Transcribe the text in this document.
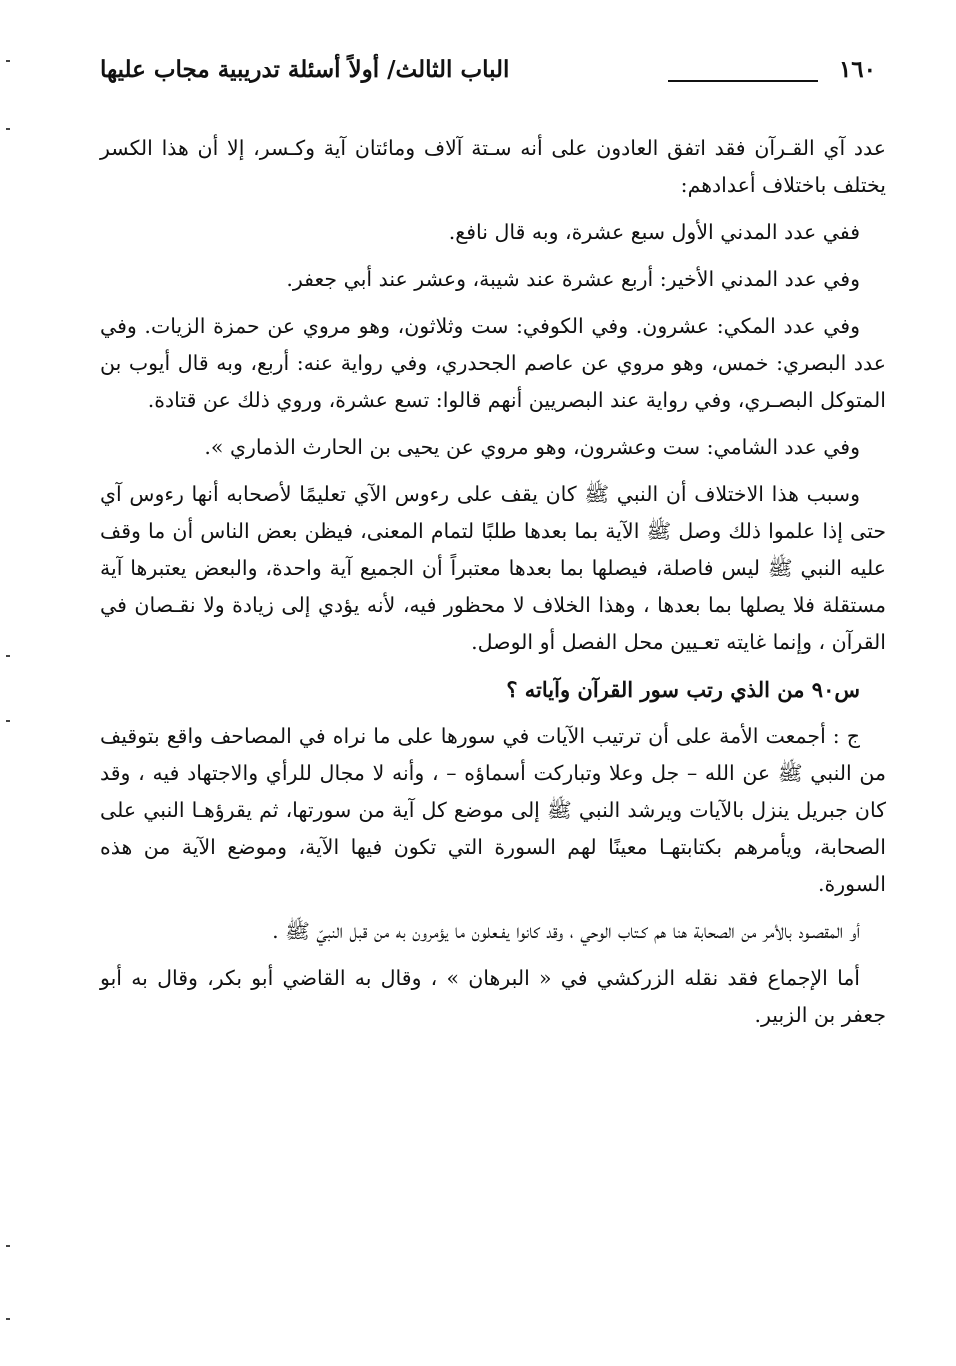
١٦٠
الباب الثالث/ أولاً أسئلة تدريبية مجاب عليها

عدد آي القـرآن فقد اتفق العادون على أنه سـتة آلاف ومائتان آية وكـسر، إلا أن هذا الكسر يختلف باختلاف أعدادهم:

ففي عدد المدني الأول سبع عشرة، وبه قال نافع.

وفي عدد المدني الأخير: أربع عشرة عند شيبة، وعشر عند أبي جعفر.

وفي عدد المكي: عشرون. وفي الكوفي: ست وثلاثون، وهو مروي عن حمزة الزيات. وفي عدد البصري: خمس، وهو مروي عن عاصم الجحدري، وفي رواية عنه: أربع، وبه قال أيوب بن المتوكل البصـري، وفي رواية عند البصريين أنهم قالوا: تسع عشرة، وروي ذلك عن قتادة.

وفي عدد الشامي: ست وعشرون، وهو مروي عن يحيى بن الحارث الذماري ».

وسبب هذا الاختلاف أن النبي ﷺ كان يقف على رءوس الآي تعليمًا لأصحابه أنها رءوس آي حتى إذا علموا ذلك وصل ﷺ الآية بما بعدها طلبًا لتمام المعنى، فيظن بعض الناس أن ما وقف عليه النبي ﷺ ليس فاصلة، فيصلها بما بعدها معتبراً أن الجميع آية واحدة، والبعض يعتبرها آية مستقلة فلا يصلها بما بعدها ، وهذا الخلاف لا محظور فيه، لأنه يؤدي إلى زيادة ولا نقـصان في القرآن ، وإنما غايته تعـيين محل الفصل أو الوصل.

س٩٠ من الذي رتب سور القرآن وآياته ؟

ج : أجمعت الأمة على أن ترتيب الآيات في سورها على ما نراه في المصاحف واقع بتوقيف من النبي ﷺ عن الله – جل وعلا وتباركت أسماؤه – ، وأنه لا مجال للرأي والاجتهاد فيه ، وقد كان جبريل ينزل بالآيات ويرشد النبي ﷺ إلى موضع كل آية من سورتها، ثم يقرؤهـا النبي على الصحابة، ويأمرهم بكتابتهـا معينًا لهم السورة التي تكون فيها الآية، وموضع الآية من هذه السورة.

أو المقصـود بالأمر من الصحابة هنا هم كـتاب الوحي ، وقد كانوا يفـعلون ما يؤمرون به من قبل النبيّ ﷺ .

أما الإجماع فقد نقله الزركشي في « البرهان » ، وقال به القاضي أبو بكر، وقال به أبو جعفر بن الزبير.
